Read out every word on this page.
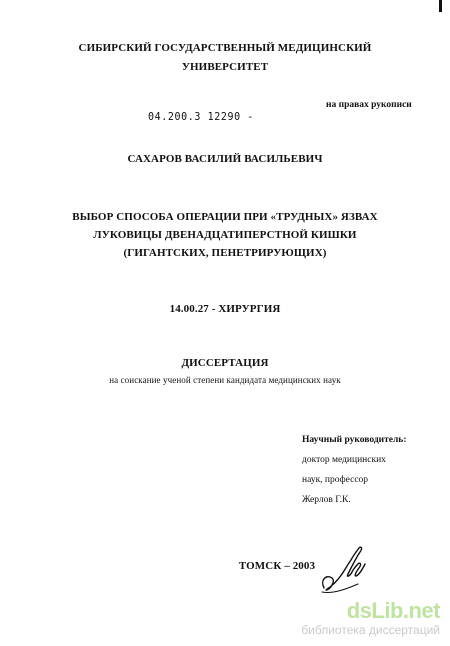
СИБИРСКИЙ ГОСУДАРСТВЕННЫЙ МЕДИЦИНСКИЙ
УНИВЕРСИТЕТ
на правах рукописи
04.200.3 12290 -
САХАРОВ ВАСИЛИЙ ВАСИЛЬЕВИЧ
ВЫБОР СПОСОБА ОПЕРАЦИИ ПРИ «ТРУДНЫХ» ЯЗВАХ
ЛУКОВИЦЫ ДВЕНАДЦАТИПЕРСТНОЙ КИШКИ
(ГИГАНТСКИХ, ПЕНЕТРИРУЮЩИХ)
14.00.27 - ХИРУРГИЯ
ДИССЕРТАЦИЯ
на соискание ученой степени кандидата медицинских наук
Научный руководитель:
доктор медицинских
наук, профессор
Жерлов Г.К.
ТОМСК – 2003
dsLib.net
библиотека диссертаций
